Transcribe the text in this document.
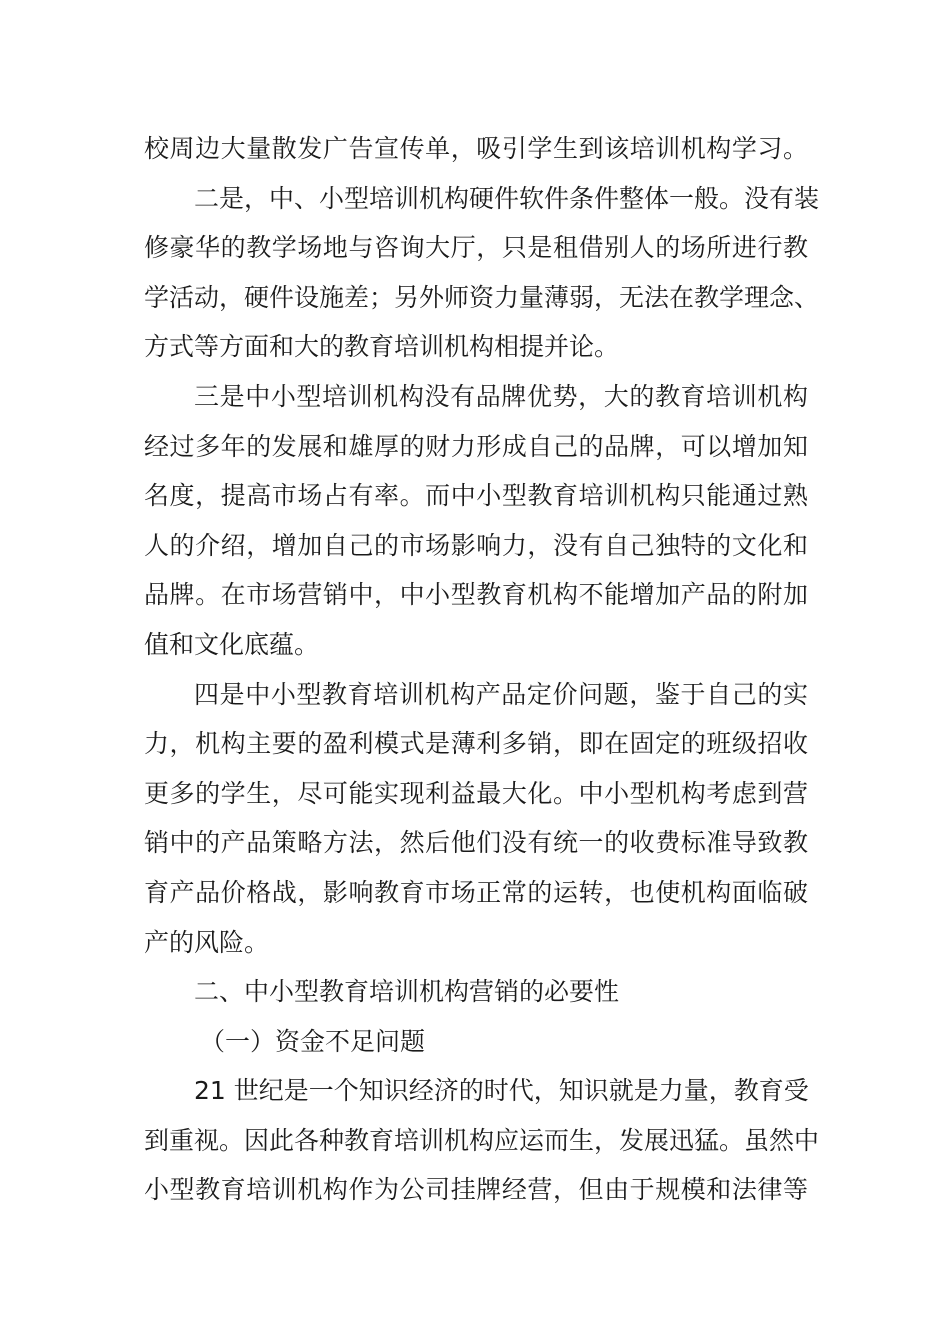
校周边大量散发广告宣传单，吸引学生到该培训机构学习。
二是，中、小型培训机构硬件软件条件整体一般。没有装
修豪华的教学场地与咨询大厅，只是租借别人的场所进行教
学活动，硬件设施差；另外师资力量薄弱，无法在教学理念、
方式等方面和大的教育培训机构相提并论。
三是中小型培训机构没有品牌优势，大的教育培训机构
经过多年的发展和雄厚的财力形成自己的品牌，可以增加知
名度，提高市场占有率。而中小型教育培训机构只能通过熟
人的介绍，增加自己的市场影响力，没有自己独特的文化和
品牌。在市场营销中，中小型教育机构不能增加产品的附加
值和文化底蕴。
四是中小型教育培训机构产品定价问题，鉴于自己的实
力，机构主要的盈利模式是薄利多销，即在固定的班级招收
更多的学生，尽可能实现利益最大化。中小型机构考虑到营
销中的产品策略方法，然后他们没有统一的收费标准导致教
育产品价格战，影响教育市场正常的运转，也使机构面临破
产的风险。
二、中小型教育培训机构营销的必要性
（一）资金不足问题
21 世纪是一个知识经济的时代，知识就是力量，教育受
到重视。因此各种教育培训机构应运而生，发展迅猛。虽然中
小型教育培训机构作为公司挂牌经营，但由于规模和法律等
